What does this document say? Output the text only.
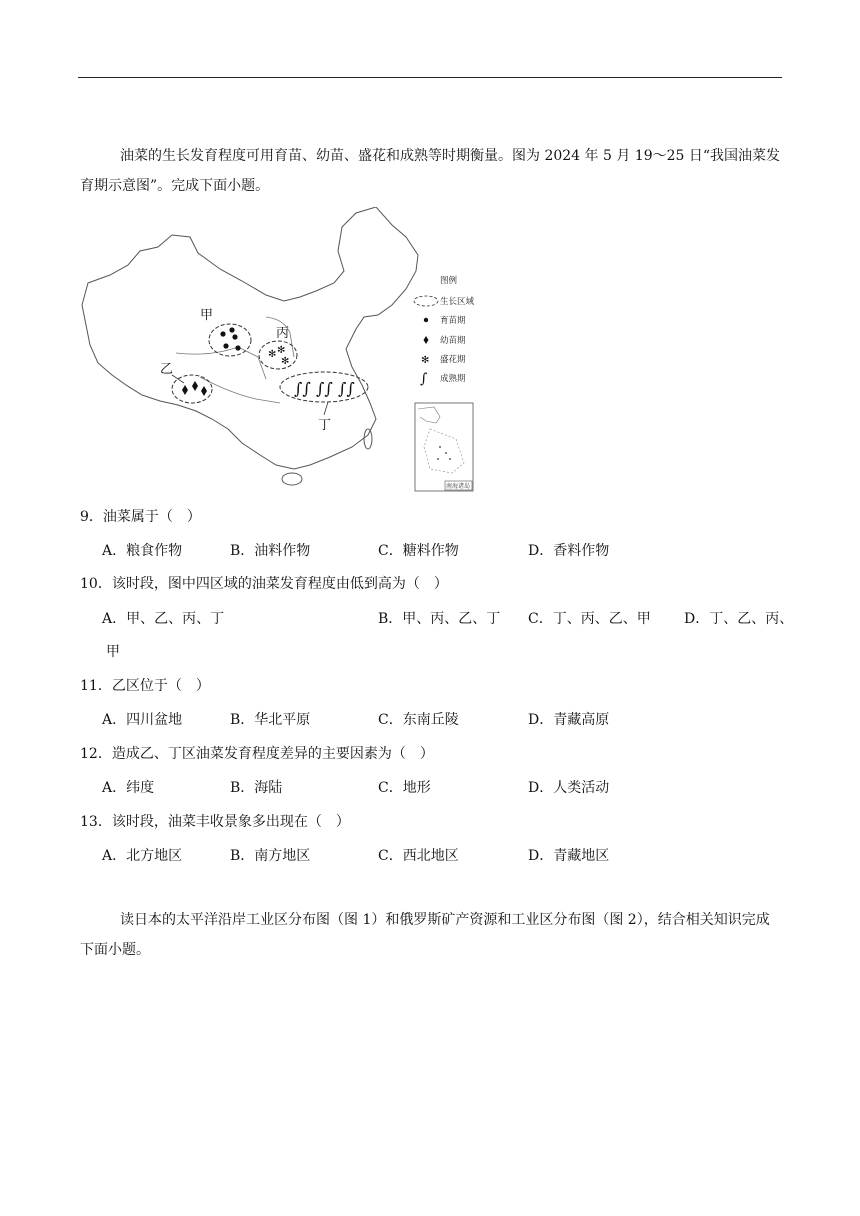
油菜的生长发育程度可用育苗、幼苗、盛花和成熟等时期衡量。图为 2024 年 5 月 19～25 日“我国油菜发育期示意图”。完成下面小题。

甲
✻ ✻
✻
丙
乙
∫∫ ∫∫ ∫∫
丁
图例
生长区域
育苗期
幼苗期
✻ 盛花期
∫ 成熟期
南海诸岛
9．油菜属于（　）
A．粮食作物	B．油料作物	C．糖料作物	D．香料作物
10．该时段，图中四区域的油菜发育程度由低到高为（　）
A．甲、乙、丙、丁	B．甲、丙、乙、丁 C．丁、丙、乙、甲 D．丁、乙、丙、
甲
11．乙区位于（　）
A．四川盆地	B．华北平原	C．东南丘陵	D．青藏高原
12．造成乙、丁区油菜发育程度差异的主要因素为（　）
A．纬度	B．海陆	C．地形	D．人类活动
13．该时段，油菜丰收景象多出现在（　）
A．北方地区	B．南方地区	C．西北地区	D．青藏地区

读日本的太平洋沿岸工业区分布图（图 1）和俄罗斯矿产资源和工业区分布图（图 2），结合相关知识完成下面小题。
